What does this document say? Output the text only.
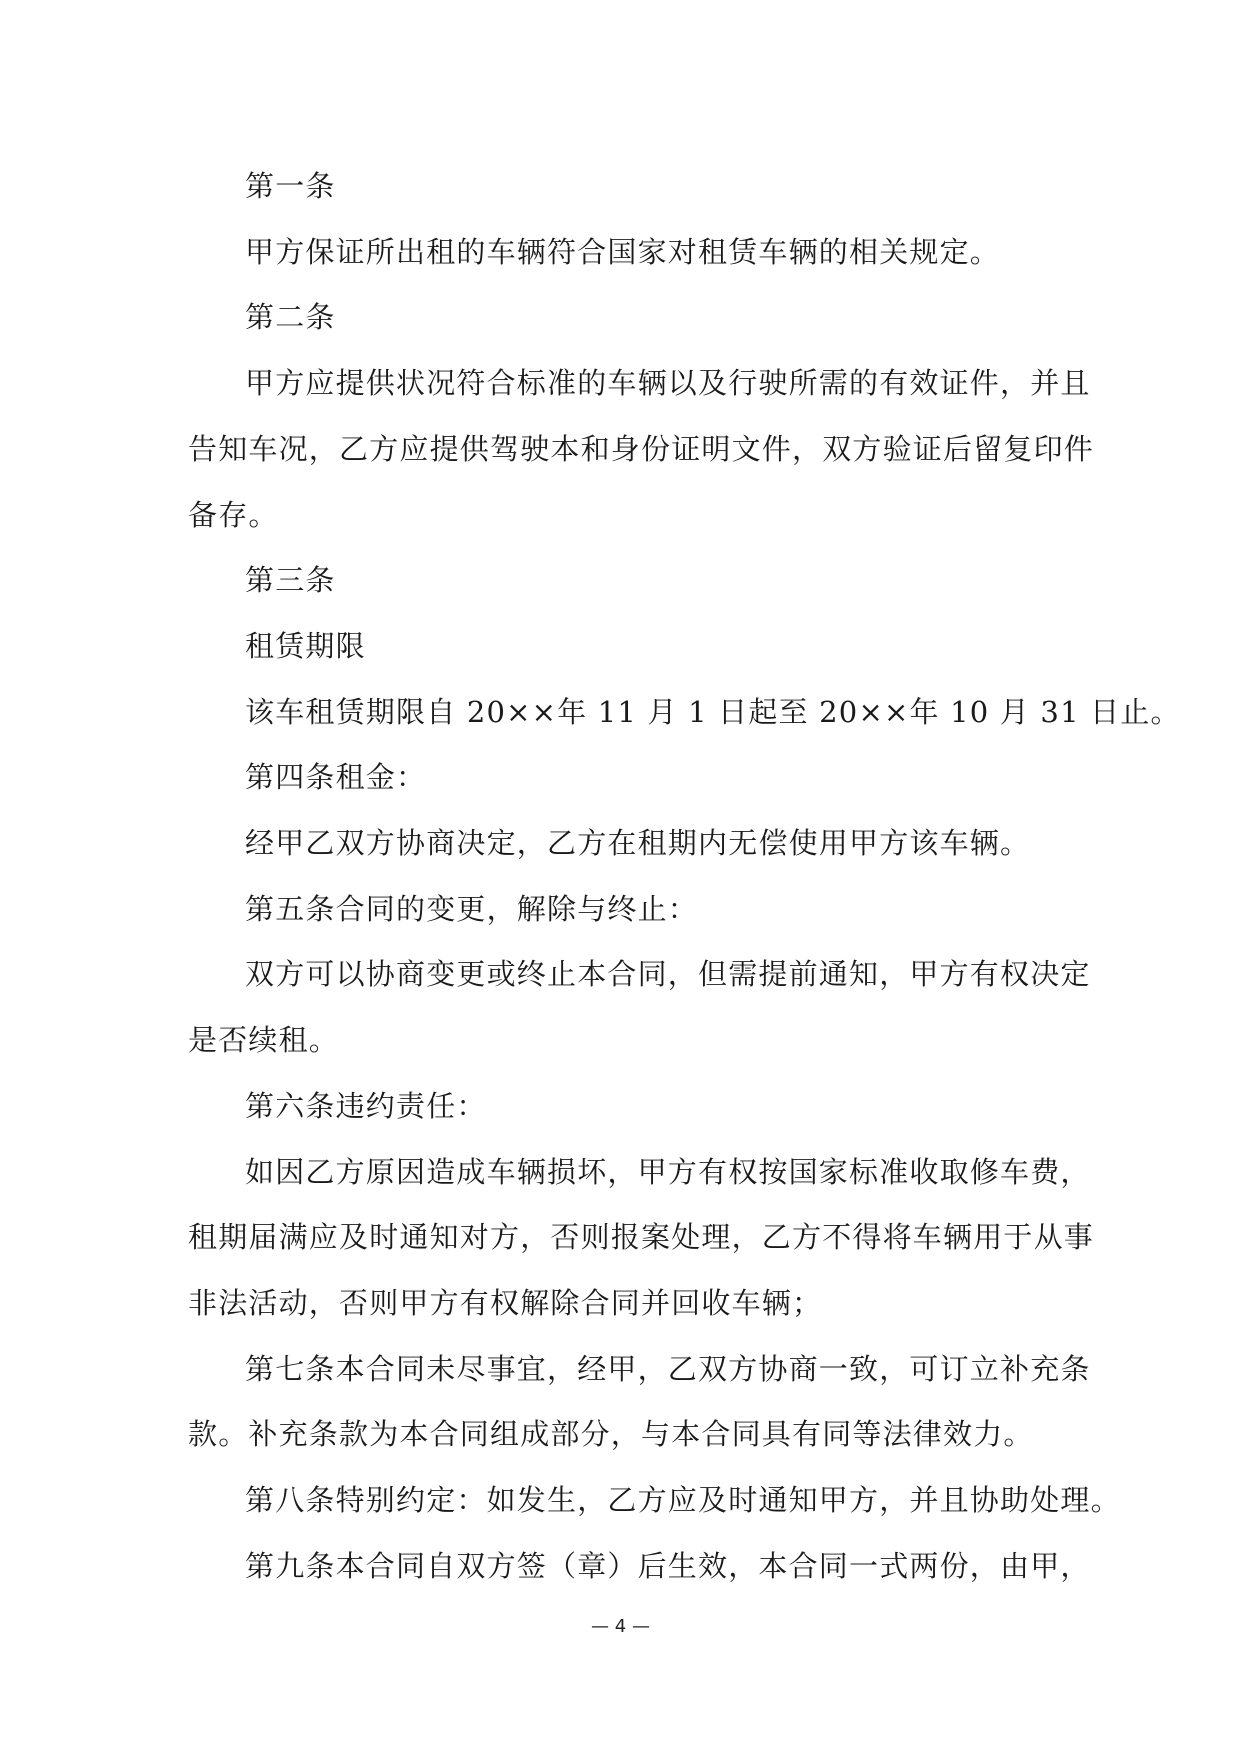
第一条

甲方保证所出租的车辆符合国家对租赁车辆的相关规定。

第二条

甲方应提供状况符合标准的车辆以及行驶所需的有效证件，并且

告知车况，乙方应提供驾驶本和身份证明文件，双方验证后留复印件

备存。

第三条

租赁期限

该车租赁期限自 20××年 11 月 1 日起至 20××年 10 月 31 日止。

第四条租金：

经甲乙双方协商决定，乙方在租期内无偿使用甲方该车辆。

第五条合同的变更，解除与终止：

双方可以协商变更或终止本合同，但需提前通知，甲方有权决定

是否续租。

第六条违约责任：

如因乙方原因造成车辆损坏，甲方有权按国家标准收取修车费，

租期届满应及时通知对方，否则报案处理，乙方不得将车辆用于从事

非法活动，否则甲方有权解除合同并回收车辆；

第七条本合同未尽事宜，经甲，乙双方协商一致，可订立补充条

款。补充条款为本合同组成部分，与本合同具有同等法律效力。

第八条特别约定：如发生，乙方应及时通知甲方，并且协助处理。

第九条本合同自双方签（章）后生效，本合同一式两份，由甲，

— 4 —
